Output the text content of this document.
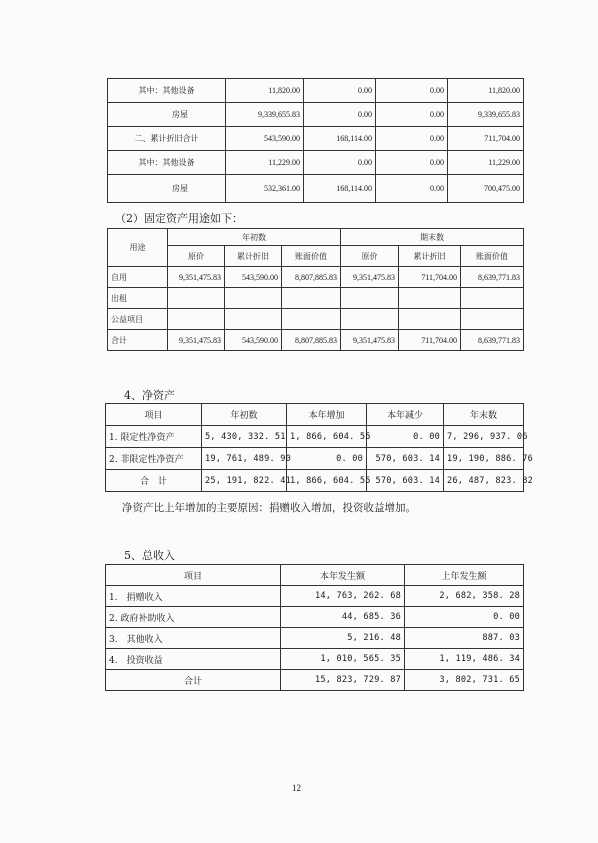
其中：其他设备	11,820.00	0.00	0.00	11,820.00
房屋	9,339,655.83	0.00	0.00	9,339,655.83
二、累计折旧合计	543,590.00	168,114.00	0.00	711,704.00
其中：其他设备	11,229.00	0.00	0.00	11,229.00
房屋	532,361.00	168,114.00	0.00	700,475.00
（2）固定资产用途如下：
用途	年初数			期末数		
	原价	累计折旧	账面价值	原价	累计折旧	账面价值
自用	9,351,475.83	543,590.00	8,807,885.83	9,351,475.83	711,704.00	8,639,771.83
出租						
公益项目						
合计	9,351,475.83	543,590.00	8,807,885.83	9,351,475.83	711,704.00	8,639,771.83
4、净资产
项目	年初数	本年增加	本年减少	年末数
1. 限定性净资产	5, 430, 332. 51	1, 866, 604. 55	0. 00	7, 296, 937. 06
2. 非限定性净资产	19, 761, 489. 90	0. 00	570, 603. 14	19, 190, 886. 76
合　计	25, 191, 822. 41	1, 866, 604. 55	570, 603. 14	26, 487, 823. 82
净资产比上年增加的主要原因：捐赠收入增加，投资收益增加。
5、总收入
项目	本年发生额	上年发生额
1.　捐赠收入	14, 763, 262. 68	2, 682, 358. 28
2. 政府补助收入	44, 685. 36	0. 00
3.　其他收入	5, 216. 48	887. 03
4.　投资收益	1, 010, 565. 35	1, 119, 486. 34
合计	15, 823, 729. 87	3, 802, 731. 65
12
